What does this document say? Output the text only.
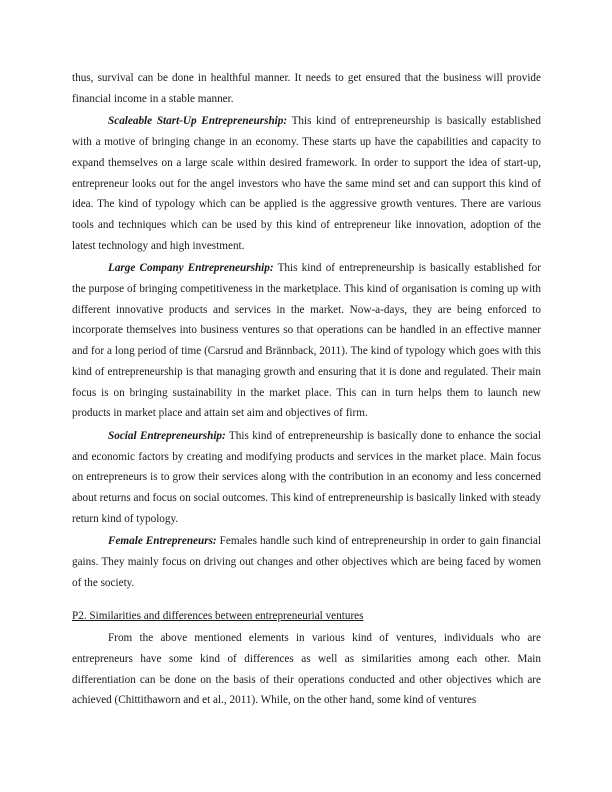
thus, survival can be done in healthful manner. It needs to get ensured that the business will provide financial income in a stable manner.

Scaleable Start-Up Entrepreneurship: This kind of entrepreneurship is basically established with a motive of bringing change in an economy. These starts up have the capabilities and capacity to expand themselves on a large scale within desired framework. In order to support the idea of start-up, entrepreneur looks out for the angel investors who have the same mind set and can support this kind of idea. The kind of typology which can be applied is the aggressive growth ventures. There are various tools and techniques which can be used by this kind of entrepreneur like innovation, adoption of the latest technology and high investment.

Large Company Entrepreneurship: This kind of entrepreneurship is basically established for the purpose of bringing competitiveness in the marketplace. This kind of organisation is coming up with different innovative products and services in the market. Now-a-days, they are being enforced to incorporate themselves into business ventures so that operations can be handled in an effective manner and for a long period of time (Carsrud and Brännback, 2011). The kind of typology which goes with this kind of entrepreneurship is that managing growth and ensuring that it is done and regulated. Their main focus is on bringing sustainability in the market place. This can in turn helps them to launch new products in market place and attain set aim and objectives of firm.

Social Entrepreneurship: This kind of entrepreneurship is basically done to enhance the social and economic factors by creating and modifying products and services in the market place. Main focus on entrepreneurs is to grow their services along with the contribution in an economy and less concerned about returns and focus on social outcomes. This kind of entrepreneurship is basically linked with steady return kind of typology.

Female Entrepreneurs: Females handle such kind of entrepreneurship in order to gain financial gains. They mainly focus on driving out changes and other objectives which are being faced by women of the society.

P2. Similarities and differences between entrepreneurial ventures

From the above mentioned elements in various kind of ventures, individuals who are entrepreneurs have some kind of differences as well as similarities among each other. Main differentiation can be done on the basis of their operations conducted and other objectives which are achieved (Chittithaworn and et al., 2011). While, on the other hand, some kind of ventures
